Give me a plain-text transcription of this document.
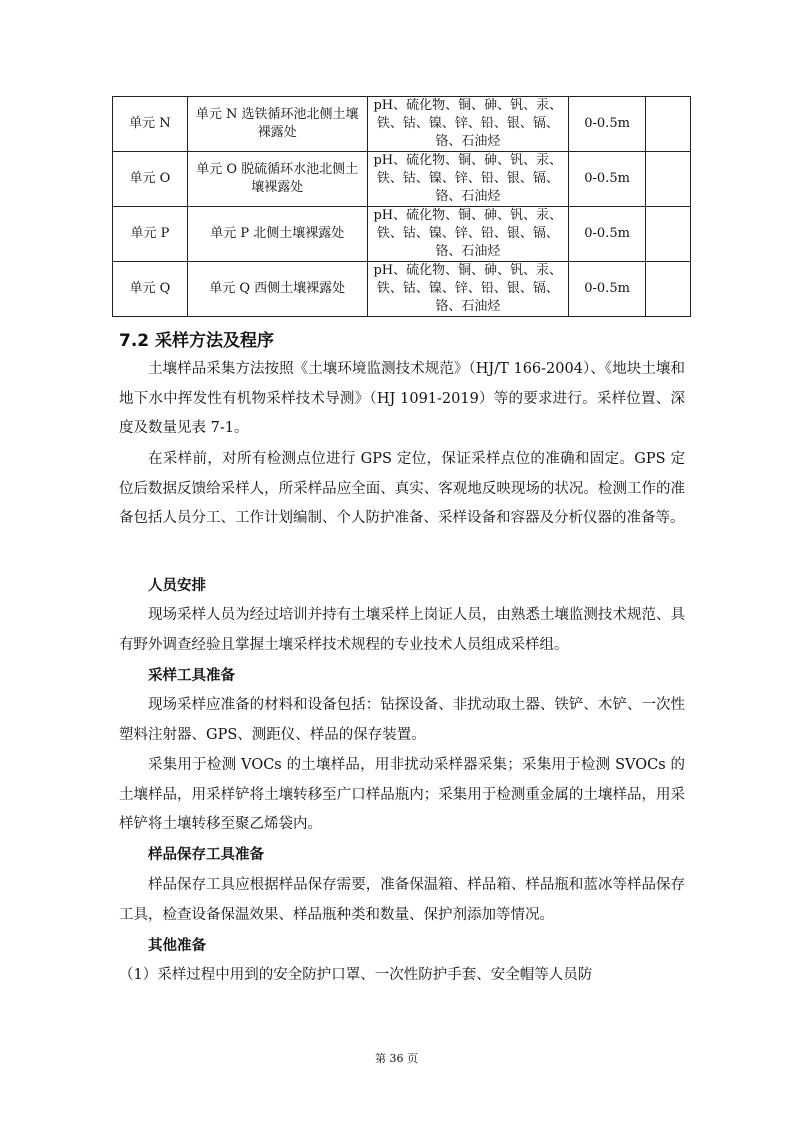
单元 N	单元 N 选铁循环池北侧土壤裸露处	pH、硫化物、铜、砷、钒、汞、铁、钴、镍、锌、铅、银、镉、铬、石油烃	0-0.5m	
单元 O	单元 O 脱硫循环水池北侧土壤裸露处	pH、硫化物、铜、砷、钒、汞、铁、钴、镍、锌、铅、银、镉、铬、石油烃	0-0.5m	
单元 P	单元 P 北侧土壤裸露处	pH、硫化物、铜、砷、钒、汞、铁、钴、镍、锌、铅、银、镉、铬、石油烃	0-0.5m	
单元 Q	单元 Q 西侧土壤裸露处	pH、硫化物、铜、砷、钒、汞、铁、钴、镍、锌、铅、银、镉、铬、石油烃	0-0.5m	
7.2 采样方法及程序

土壤样品采集方法按照《土壤环境监测技术规范》（HJ/T 166-2004）、《地块土壤和地下水中挥发性有机物采样技术导测》（HJ 1091-2019）等的要求进行。采样位置、深度及数量见表 7-1。

在采样前，对所有检测点位进行 GPS 定位，保证采样点位的准确和固定。GPS 定位后数据反馈给采样人，所采样品应全面、真实、客观地反映现场的状况。检测工作的准备包括人员分工、工作计划编制、个人防护准备、采样设备和容器及分析仪器的准备等。

人员安排

现场采样人员为经过培训并持有土壤采样上岗证人员，由熟悉土壤监测技术规范、具有野外调查经验且掌握土壤采样技术规程的专业技术人员组成采样组。

采样工具准备

现场采样应准备的材料和设备包括：钻探设备、非扰动取土器、铁铲、木铲、一次性塑料注射器、GPS、测距仪、样品的保存装置。

采集用于检测 VOCs 的土壤样品，用非扰动采样器采集；采集用于检测 SVOCs 的土壤样品，用采样铲将土壤转移至广口样品瓶内；采集用于检测重金属的土壤样品，用采样铲将土壤转移至聚乙烯袋内。

样品保存工具准备

样品保存工具应根据样品保存需要，准备保温箱、样品箱、样品瓶和蓝冰等样品保存工具，检查设备保温效果、样品瓶种类和数量、保护剂添加等情况。

其他准备

（1）采样过程中用到的安全防护口罩、一次性防护手套、安全帽等人员防

第 36 页
